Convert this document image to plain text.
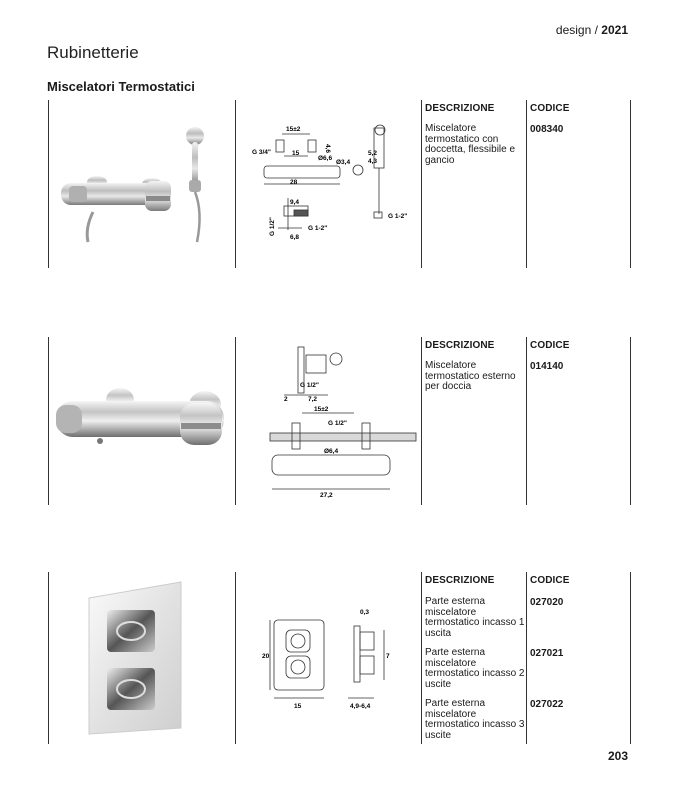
design / 2021
Rubinetterie
Miscelatori Termostatici
15±2
15
4,6
Ø6,6
28
Ø3,4
G 3/4"	5,2
4,3
9,4
G 1/2"
6,8
G 1-2"
G 1-2"
DESCRIZIONE	CODICE
Miscelatore termostatico con doccetta, flessibile e gancio
008340
G 1/2"
2	7,2
15±2
G 1/2"
Ø6,4
27,2
DESCRIZIONE	CODICE
Miscelatore termostatico esterno per doccia
014140
0,3
20	7
15	4,9-6,4
DESCRIZIONE	CODICE
Parte esterna miscelatore termostatico incasso 1 uscita
027020
Parte esterna miscelatore termostatico incasso 2 uscite
027021
Parte esterna miscelatore termostatico incasso 3 uscite
027022
203
